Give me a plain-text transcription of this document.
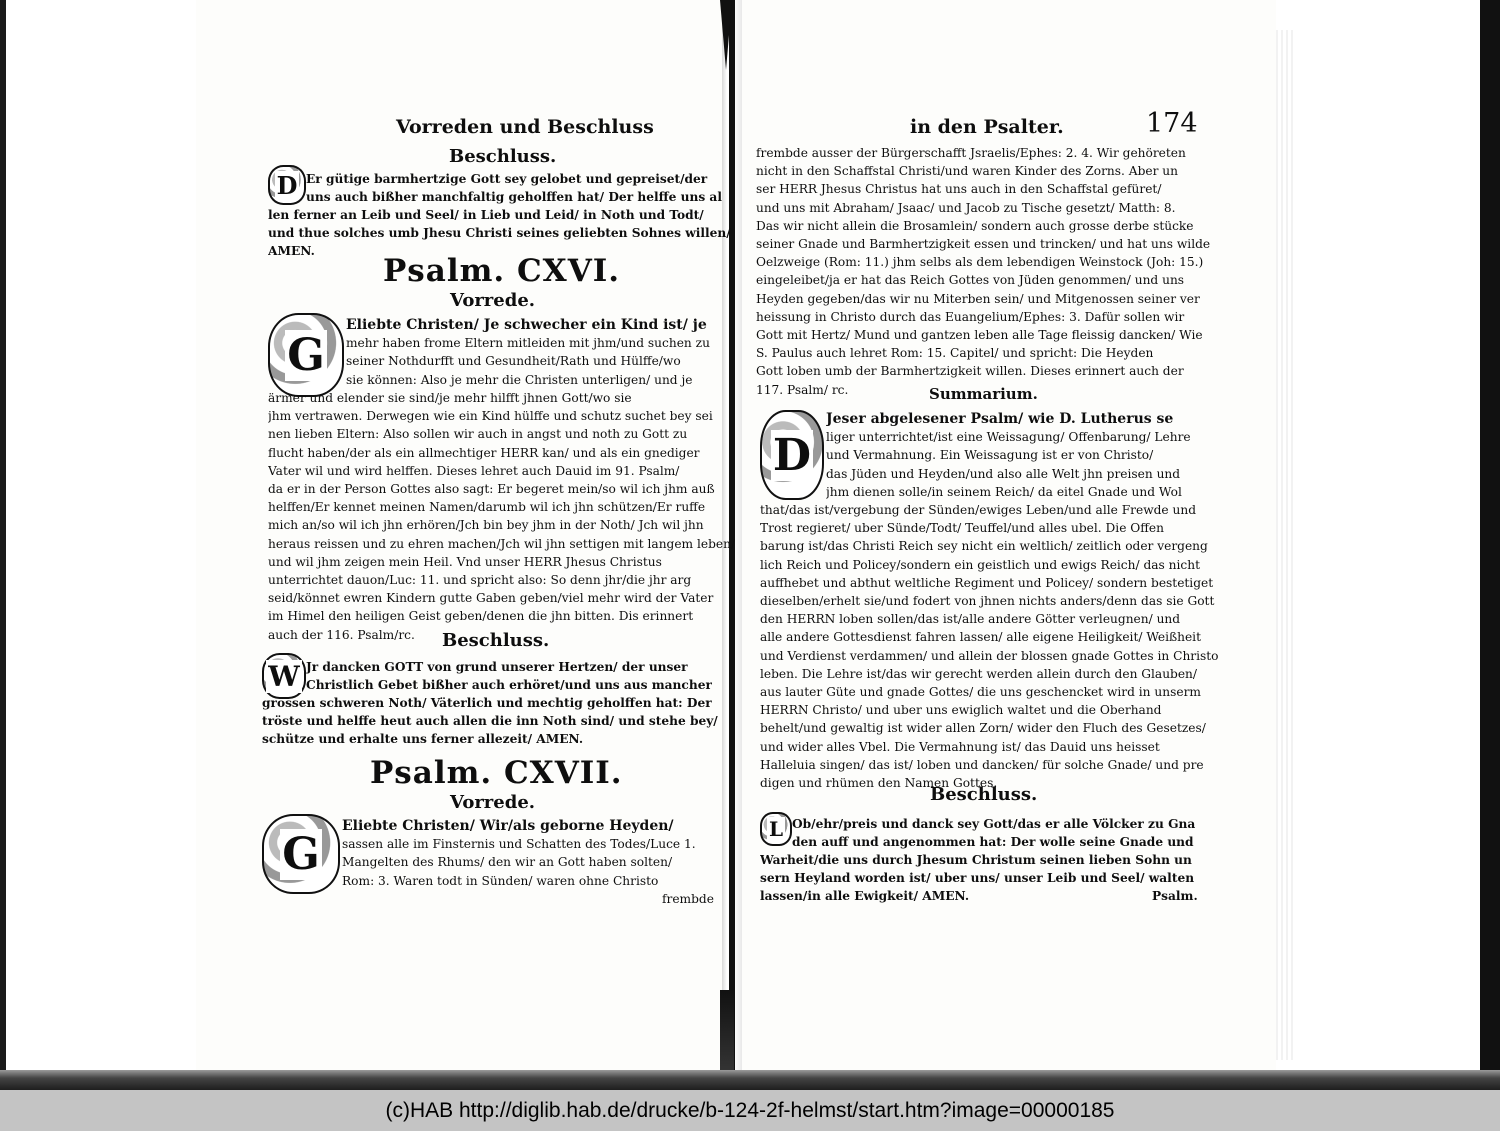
Vorreden und Beschluss
Beschluss.
D Er gütige barmhertzige Gott sey gelobet und gepreiset/der
uns auch bißher manchfaltig geholffen hat/ Der helffe uns al
len ferner an Leib und Seel/ in Lieb und Leid/ in Noth und Todt/
und thue solches umb Jhesu Christi seines geliebten Sohnes willen/
AMEN.
Psalm. CXVI.
Vorrede.
G
Eliebte Christen/ Je schwecher ein Kind ist/ je
mehr haben frome Eltern mitleiden mit jhm/und suchen zu
seiner Nothdurfft und Gesundheit/Rath und Hülffe/wo
sie können: Also je mehr die Christen unterligen/ und je
ärmer und elender sie sind/je mehr hilfft jhnen Gott/wo sie
jhm vertrawen. Derwegen wie ein Kind hülffe und schutz suchet bey sei
nen lieben Eltern: Also sollen wir auch in angst und noth zu Gott zu
flucht haben/der als ein allmechtiger HERR kan/ und als ein gnediger
Vater wil und wird helffen. Dieses lehret auch Dauid im 91. Psalm/
da er in der Person Gottes also sagt: Er begeret mein/so wil ich jhm auß
helffen/Er kennet meinen Namen/darumb wil ich jhn schützen/Er ruffe
mich an/so wil ich jhn erhören/Jch bin bey jhm in der Noth/ Jch wil jhn
heraus reissen und zu ehren machen/Jch wil jhn settigen mit langem leben/
und wil jhm zeigen mein Heil. Vnd unser HERR Jhesus Christus
unterrichtet dauon/Luc: 11. und spricht also: So denn jhr/die jhr arg
seid/könnet ewren Kindern gutte Gaben geben/viel mehr wird der Vater
im Himel den heiligen Geist geben/denen die jhn bitten. Dis erinnert
auch der 116. Psalm/rc.	Beschluss.
W Jr dancken GOTT von grund unserer Hertzen/ der unser
Christlich Gebet bißher auch erhöret/und uns aus mancher
grossen schweren Noth/ Väterlich und mechtig geholffen hat: Der
tröste und helffe heut auch allen die inn Noth sind/ und stehe bey/
schütze und erhalte uns ferner allezeit/ AMEN.
Psalm. CXVII.
Vorrede.
G
Eliebte Christen/ Wir/als geborne Heyden/
sassen alle im Finsternis und Schatten des Todes/Luce 1.
Mangelten des Rhums/ den wir an Gott haben solten/
Rom: 3. Waren todt in Sünden/ waren ohne Christo
frembde
in den Psalter.	174
frembde ausser der Bürgerschafft Jsraelis/Ephes: 2. 4. Wir gehöreten
nicht in den Schaffstal Christi/und waren Kinder des Zorns. Aber un
ser HERR Jhesus Christus hat uns auch in den Schaffstal gefüret/
und uns mit Abraham/ Jsaac/ und Jacob zu Tische gesetzt/ Matth: 8.
Das wir nicht allein die Brosamlein/ sondern auch grosse derbe stücke
seiner Gnade und Barmhertzigkeit essen und trincken/ und hat uns wilde
Oelzweige (Rom: 11.) jhm selbs als dem lebendigen Weinstock (Joh: 15.)
eingeleibet/ja er hat das Reich Gottes von Jüden genommen/ und uns
Heyden gegeben/das wir nu Miterben sein/ und Mitgenossen seiner ver
heissung in Christo durch das Euangelium/Ephes: 3. Dafür sollen wir
Gott mit Hertz/ Mund und gantzen leben alle Tage fleissig dancken/ Wie
S. Paulus auch lehret Rom: 15. Capitel/ und spricht: Die Heyden
Gott loben umb der Barmhertzigkeit willen. Dieses erinnert auch der
117. Psalm/ rc.	Summarium.
D
Jeser abgelesener Psalm/ wie D. Lutherus se
liger unterrichtet/ist eine Weissagung/ Offenbarung/ Lehre
und Vermahnung. Ein Weissagung ist er von Christo/
das Jüden und Heyden/und also alle Welt jhn preisen und
jhm dienen solle/in seinem Reich/ da eitel Gnade und Wol
that/das ist/vergebung der Sünden/ewiges Leben/und alle Frewde und
Trost regieret/ uber Sünde/Todt/ Teuffel/und alles ubel. Die Offen
barung ist/das Christi Reich sey nicht ein weltlich/ zeitlich oder vergeng
lich Reich und Policey/sondern ein geistlich und ewigs Reich/ das nicht
auffhebet und abthut weltliche Regiment und Policey/ sondern bestetiget
dieselben/erhelt sie/und fodert von jhnen nichts anders/denn das sie Gott
den HERRN loben sollen/das ist/alle andere Götter verleugnen/ und
alle andere Gottesdienst fahren lassen/ alle eigene Heiligkeit/ Weißheit
und Verdienst verdammen/ und allein der blossen gnade Gottes in Christo
leben. Die Lehre ist/das wir gerecht werden allein durch den Glauben/
aus lauter Güte und gnade Gottes/ die uns geschencket wird in unserm
HERRN Christo/ und uber uns ewiglich waltet und die Oberhand
behelt/und gewaltig ist wider allen Zorn/ wider den Fluch des Gesetzes/
und wider alles Vbel. Die Vermahnung ist/ das Dauid uns heisset
Halleluia singen/ das ist/ loben und dancken/ für solche Gnade/ und pre
digen und rhümen den Namen Gottes.
Beschluss.
L Ob/ehr/preis und danck sey Gott/das er alle Völcker zu Gna
den auff und angenommen hat: Der wolle seine Gnade und
Warheit/die uns durch Jhesum Christum seinen lieben Sohn un
sern Heyland worden ist/ uber uns/ unser Leib und Seel/ walten
lassen/in alle Ewigkeit/ AMEN.	Psalm.
(c)HAB http://diglib.hab.de/drucke/b-124-2f-helmst/start.htm?image=00000185
